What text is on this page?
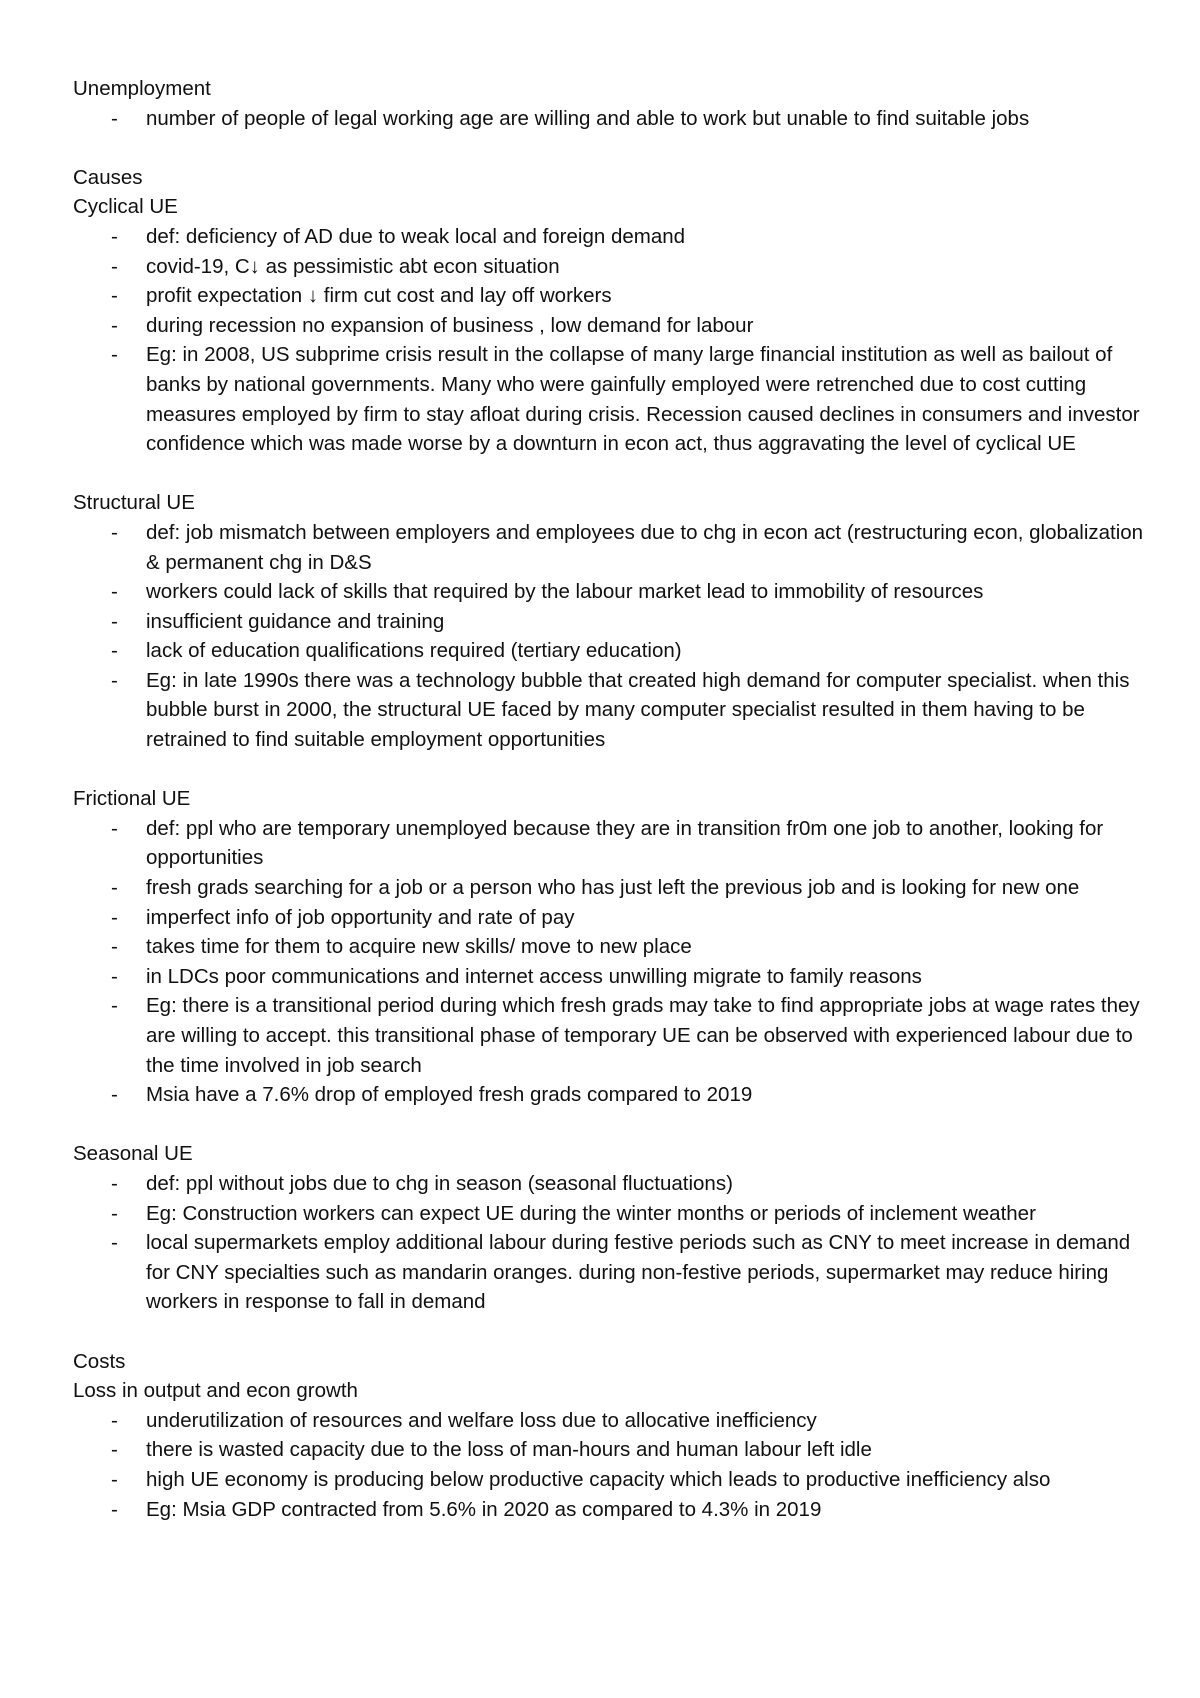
Unemployment
- number of people of legal working age are willing and able to work but unable to find suitable jobs
Causes
Cyclical UE
- def: deficiency of AD due to weak local and foreign demand
- covid-19, C↓ as pessimistic abt econ situation
- profit expectation ↓ firm cut cost and lay off workers
- during recession no expansion of business , low demand for labour
- Eg: in 2008, US subprime crisis result in the collapse of many large financial institution as well as bailout of banks by national governments. Many who were gainfully employed were retrenched due to cost cutting measures employed by firm to stay afloat during crisis. Recession caused declines in consumers and investor confidence which was made worse by a downturn in econ act, thus aggravating the level of cyclical UE
Structural UE
- def: job mismatch between employers and employees due to chg in econ act (restructuring econ, globalization & permanent chg in D&S
- workers could lack of skills that required by the labour market lead to immobility of resources
- insufficient guidance and training
- lack of education qualifications required (tertiary education)
- Eg: in late 1990s there was a technology bubble that created high demand for computer specialist. when this bubble burst in 2000, the structural UE faced by many computer specialist resulted in them having to be retrained to find suitable employment opportunities
Frictional UE
- def: ppl who are temporary unemployed because they are in transition fr0m one job to another, looking for opportunities
- fresh grads searching for a job or a person who has just left the previous job and is looking for new one
- imperfect info of job opportunity and rate of pay
- takes time for them to acquire new skills/ move to new place
- in LDCs poor communications and internet access unwilling migrate to family reasons
- Eg: there is a transitional period during which fresh grads may take to find appropriate jobs at wage rates they are willing to accept. this transitional phase of temporary UE can be observed with experienced labour due to the time involved in job search
- Msia have a 7.6% drop of employed fresh grads compared to 2019
Seasonal UE
- def: ppl without jobs due to chg in season (seasonal fluctuations)
- Eg: Construction workers can expect UE during the winter months or periods of inclement weather
- local supermarkets employ additional labour during festive periods such as CNY to meet increase in demand for CNY specialties such as mandarin oranges. during non-festive periods, supermarket may reduce hiring workers in response to fall in demand
Costs
Loss in output and econ growth
- underutilization of resources and welfare loss due to allocative inefficiency
- there is wasted capacity due to the loss of man-hours and human labour left idle
- high UE economy is producing below productive capacity which leads to productive inefficiency also
- Eg: Msia GDP contracted from 5.6% in 2020 as compared to 4.3% in 2019
